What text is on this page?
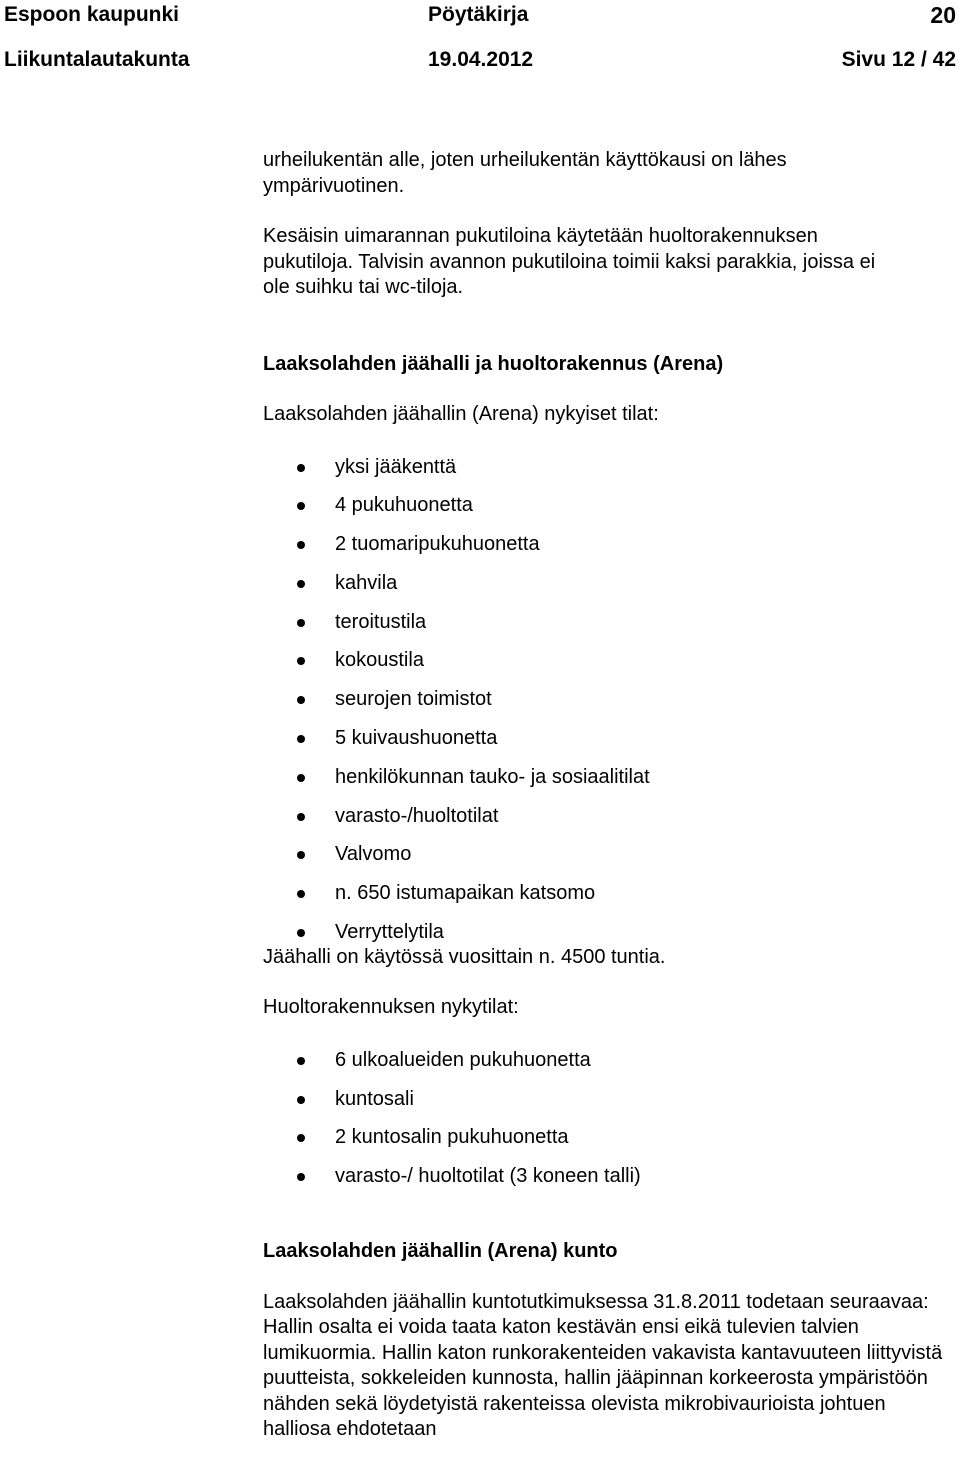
Espoon kaupunki	Pöytäkirja	20
Liikuntalautakunta	19.04.2012	Sivu 12 / 42

urheilukentän alle, joten urheilukentän käyttökausi on lähes ympärivuotinen.

Kesäisin uimarannan pukutiloina käytetään huoltorakennuksen pukutiloja. Talvisin avannon pukutiloina toimii kaksi parakkia, joissa ei ole suihku tai wc-tiloja.

Laaksolahden jäähalli ja huoltorakennus (Arena)

Laaksolahden jäähallin (Arena) nykyiset tilat:

yksi jääkenttä
4 pukuhuonetta
2 tuomaripukuhuonetta
kahvila
teroitustila
kokoustila
seurojen toimistot
5 kuivaushuonetta
henkilökunnan tauko- ja sosiaalitilat
varasto-/huoltotilat
Valvomo
n. 650 istumapaikan katsomo
Verryttelytila

Jäähalli on käytössä vuosittain n. 4500 tuntia.

Huoltorakennuksen nykytilat:

6 ulkoalueiden pukuhuonetta
kuntosali
2 kuntosalin pukuhuonetta
varasto-/ huoltotilat (3 koneen talli)

Laaksolahden jäähallin (Arena) kunto

Laaksolahden jäähallin kuntotutkimuksessa 31.8.2011 todetaan seuraavaa: Hallin osalta ei voida taata katon kestävän ensi eikä tulevien talvien lumikuormia. Hallin katon runkorakenteiden vakavista kantavuuteen liittyvistä puutteista, sokkeleiden kunnosta, hallin jääpinnan korkeerosta ympäristöön nähden sekä löydetyistä rakenteissa olevista mikrobivaurioista johtuen halliosa ehdotetaan
